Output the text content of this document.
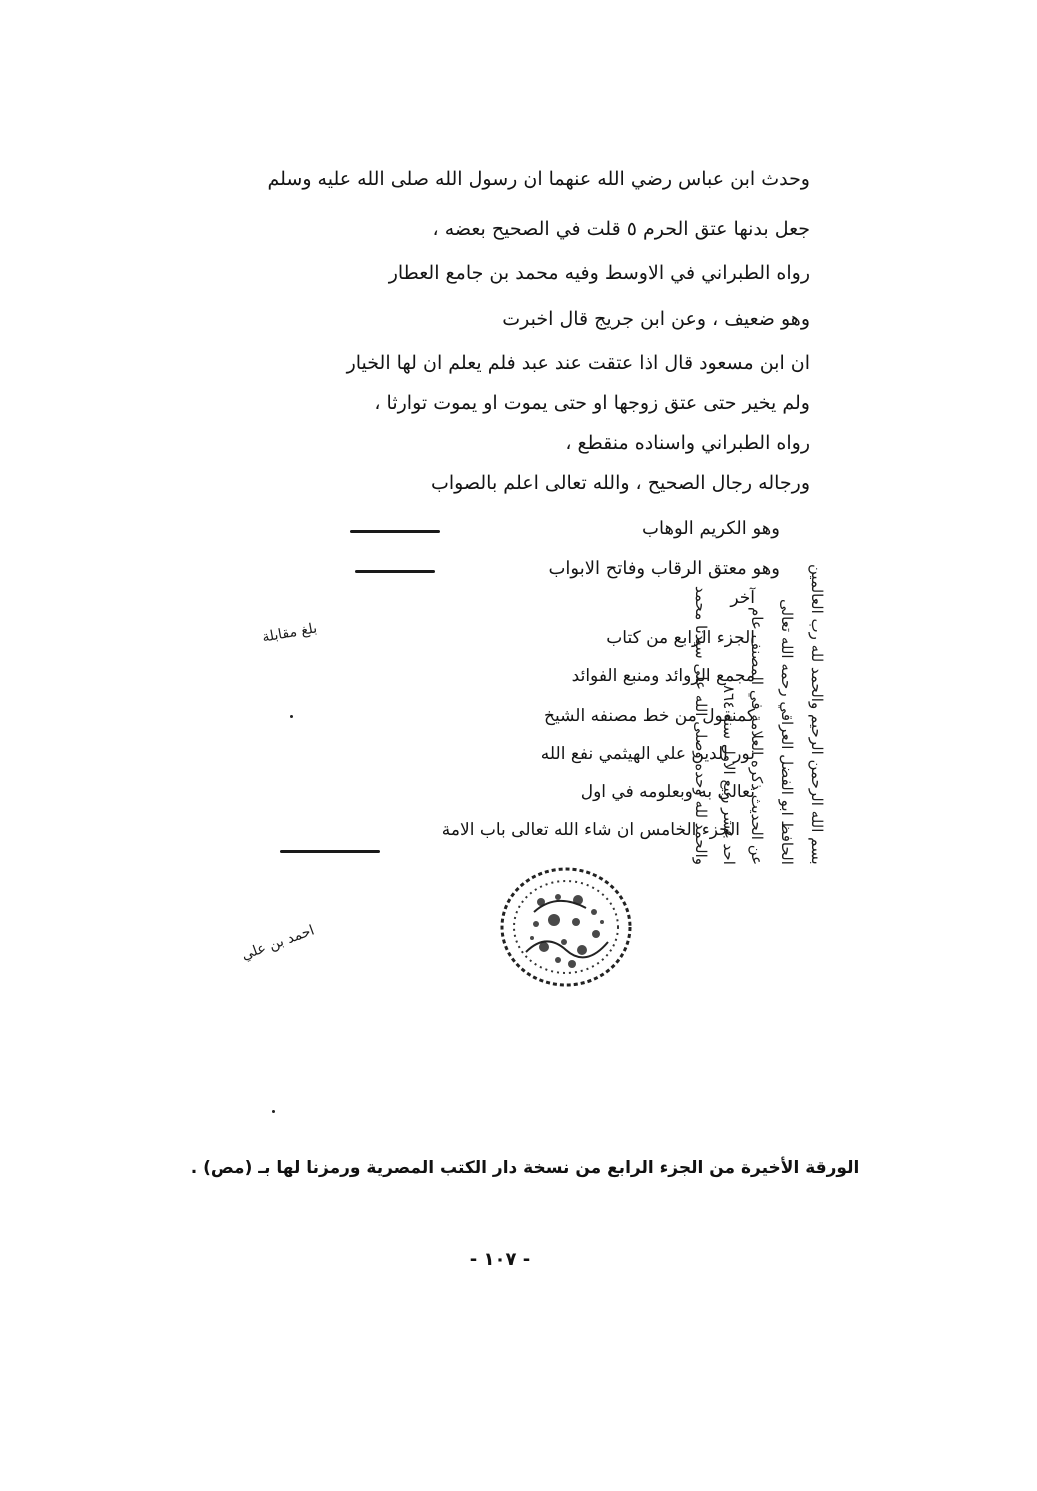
وحدث ابن عباس رضي الله عنهما ان رسول الله صلى الله عليه وسلم
جعل بدنها عتق الحرم ٥ قلت في الصحيح بعضه ،
رواه الطبراني في الاوسط وفيه محمد بن جامع العطار
وهو ضعيف ، وعن ابن جريج قال اخبرت
ان ابن مسعود قال اذا عتقت عند عبد فلم يعلم ان لها الخيار
ولم يخير حتى عتق زوجها او حتى يموت او يموت توارثا ،
رواه الطبراني واسناده منقطع ،
ورجاله رجال الصحيح ، والله تعالى اعلم بالصواب
وهو الكريم الوهاب
وهو معتق الرقاب وفاتح الابواب
آخر
الجزء الرابع من كتاب
مجمع الزوائد ومنبع الفوائد
كمنقول من خط مصنفه الشيخ
نور الدين علي الهيثمي نفع الله
تعالى به وبعلومه في اول
الجزء الخامس ان شاء الله تعالى باب الامة	بسم الله الرحمن الرحيم والحمد لله رب العالمين
الحافظ ابو الفضل العراقي رحمه الله تعالى
عن الحديث ذكره العلامة في المصنف عام
احد عشر ربيع الاول سنة ٨٦٤
والحمد لله وحده وصلى الله على سيدنا محمد
بلغ مقابلة
احمد بن علي
الورقة الأخيرة من الجزء الرابع من نسخة دار الكتب المصرية ورمزنا لها بـ (مص) .
- ١٠٧ -
